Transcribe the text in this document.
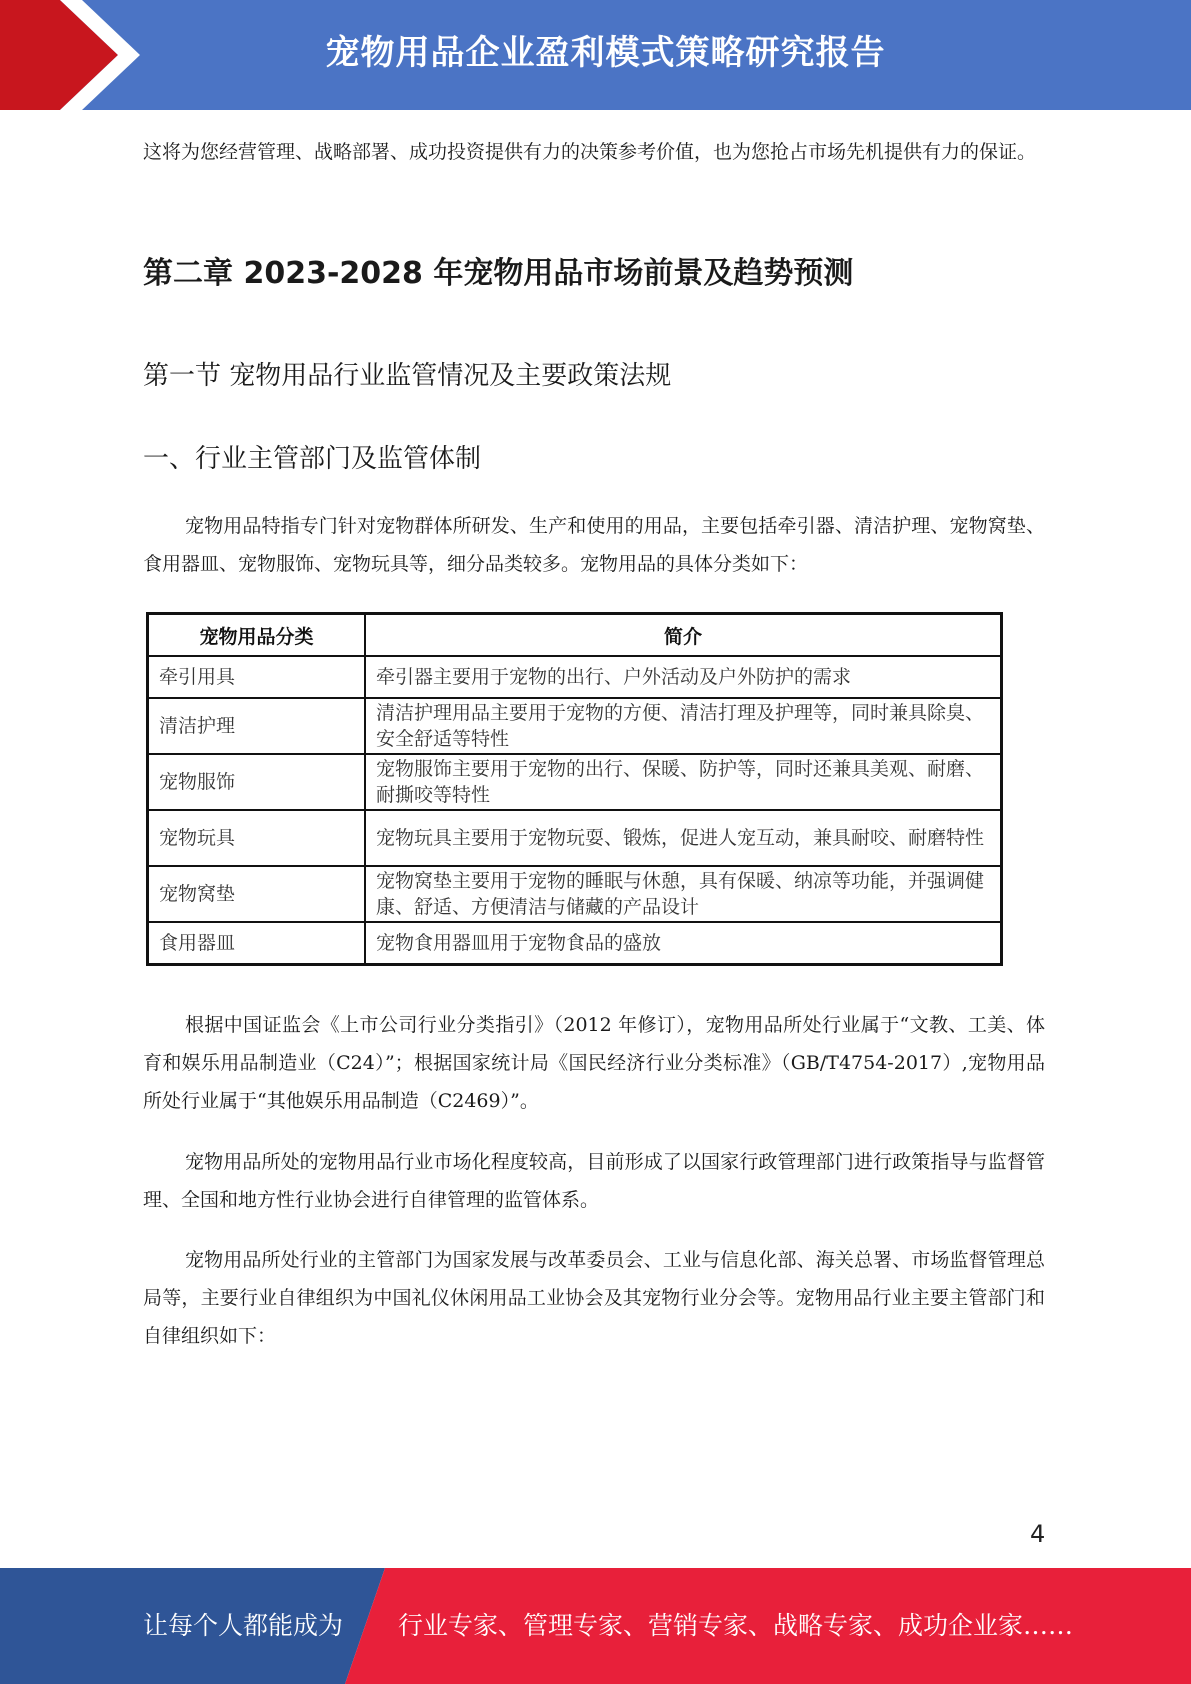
宠物用品企业盈利模式策略研究报告

这将为您经营管理、战略部署、成功投资提供有力的决策参考价值，也为您抢占市场先机提供有力的保证。

第二章 2023-2028 年宠物用品市场前景及趋势预测
第一节 宠物用品行业监管情况及主要政策法规
一、行业主管部门及监管体制

宠物用品特指专门针对宠物群体所研发、生产和使用的用品，主要包括牵引器、清洁护理、宠物窝垫、食用器皿、宠物服饰、宠物玩具等，细分品类较多。宠物用品的具体分类如下：

宠物用品分类	简介
牵引用具	牵引器主要用于宠物的出行、户外活动及户外防护的需求
清洁护理	清洁护理用品主要用于宠物的方便、清洁打理及护理等，同时兼具除臭、安全舒适等特性
宠物服饰	宠物服饰主要用于宠物的出行、保暖、防护等，同时还兼具美观、耐磨、耐撕咬等特性
宠物玩具	宠物玩具主要用于宠物玩耍、锻炼，促进人宠互动，兼具耐咬、耐磨特性
宠物窝垫	宠物窝垫主要用于宠物的睡眠与休憩，具有保暖、纳凉等功能，并强调健康、舒适、方便清洁与储藏的产品设计
食用器皿	宠物食用器皿用于宠物食品的盛放

根据中国证监会《上市公司行业分类指引》（2012 年修订），宠物用品所处行业属于“文教、工美、体育和娱乐用品制造业（C24）”；根据国家统计局《国民经济行业分类标准》（GB/T4754-2017）,宠物用品所处行业属于“其他娱乐用品制造（C2469）”。

宠物用品所处的宠物用品行业市场化程度较高，目前形成了以国家行政管理部门进行政策指导与监督管理、全国和地方性行业协会进行自律管理的监管体系。

宠物用品所处行业的主管部门为国家发展与改革委员会、工业与信息化部、海关总署、市场监督管理总局等，主要行业自律组织为中国礼仪休闲用品工业协会及其宠物行业分会等。宠物用品行业主要主管部门和自律组织如下：

4
让每个人都能成为 行业专家、管理专家、营销专家、战略专家、成功企业家……
